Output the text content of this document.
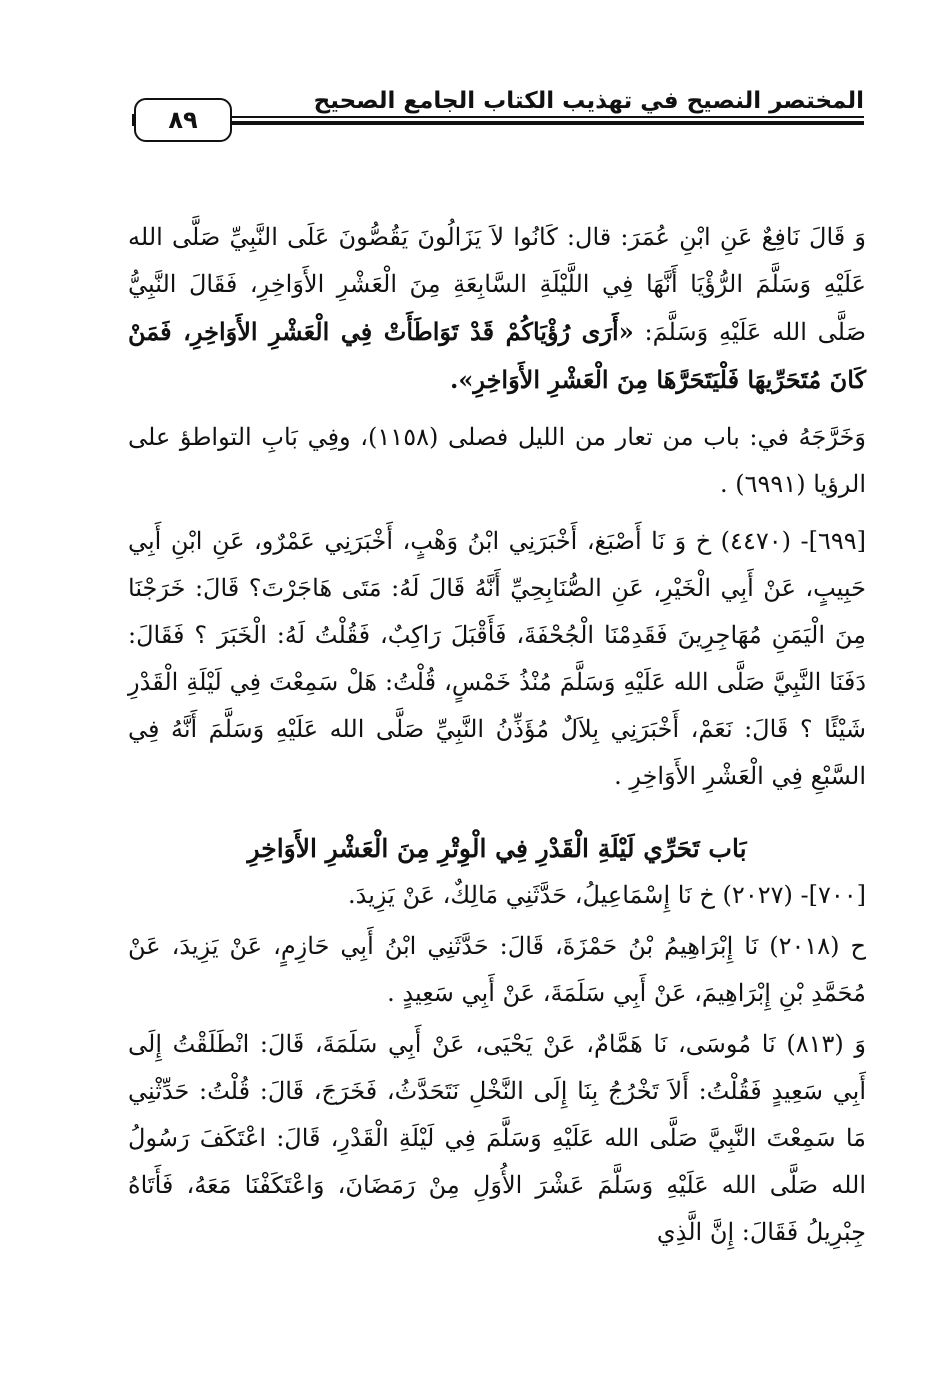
المختصر النصيح في تهذيب الكتاب الجامع الصحيح
٨٩

وَ قَالَ نَافِعٌ عَنِ ابْنِ عُمَرَ: قال: كَانُوا لاَ يَزَالُونَ يَقُصُّونَ عَلَى النَّبِيِّ صَلَّى الله عَلَيْهِ وَسَلَّمَ الرُّؤْيَا أَنَّهَا فِي اللَّيْلَةِ السَّابِعَةِ مِنَ الْعَشْرِ الأَوَاخِرِ، فَقَالَ النَّبِيُّ صَلَّى الله عَلَيْهِ وَسَلَّمَ: «أَرَى رُؤْيَاكُمْ قَدْ تَوَاطَأَتْ فِي الْعَشْرِ الأَوَاخِرِ، فَمَنْ كَانَ مُتَحَرِّيهَا فَلْيَتَحَرَّهَا مِنَ الْعَشْرِ الأَوَاخِرِ».

وَخَرَّجَهُ في: باب من تعار من الليل فصلى (١١٥٨)، وفِي بَابِ التواطؤ على الرؤيا (٦٩٩١) .

[٦٩٩]- (٤٤٧٠) خ وَ نَا أَصْبَغ، أَخْبَرَنِي ابْنُ وَهْبٍ، أَخْبَرَنِي عَمْرٌو، عَنِ ابْنِ أَبِي حَبِيبٍ، عَنْ أَبِي الْخَيْرِ، عَنِ الصُّنَابِحِيِّ أَنَّهُ قَالَ لَهُ: مَتَى هَاجَرْتَ؟ قَالَ: خَرَجْنَا مِنَ الْيَمَنِ مُهَاجِرِينَ فَقَدِمْنَا الْجُحْفَةَ، فَأَقْبَلَ رَاكِبٌ، فَقُلْتُ لَهُ: الْخَبَرَ ؟ فَقَالَ: دَفَنَا النَّبِيَّ صَلَّى الله عَلَيْهِ وَسَلَّمَ مُنْذُ خَمْسٍ، قُلْتُ: هَلْ سَمِعْتَ فِي لَيْلَةِ الْقَدْرِ شَيْئًا ؟ قَالَ: نَعَمْ، أَخْبَرَنِي بِلاَلٌ مُؤَذِّنُ النَّبِيِّ صَلَّى الله عَلَيْهِ وَسَلَّمَ أَنَّهُ فِي السَّبْعِ فِي الْعَشْرِ الأَوَاخِرِ .

بَاب تَحَرِّي لَيْلَةِ الْقَدْرِ فِي الْوِتْرِ مِنَ الْعَشْرِ الأَوَاخِرِ

[٧٠٠]- (٢٠٢٧) خ نَا إِسْمَاعِيلُ، حَدَّثَنِي مَالِكٌ، عَنْ يَزِيدَ.

ح (٢٠١٨) نَا إِبْرَاهِيمُ بْنُ حَمْزَةَ، قَالَ: حَدَّثَنِي ابْنُ أَبِي حَازِمٍ، عَنْ يَزِيدَ، عَنْ مُحَمَّدِ بْنِ إِبْرَاهِيمَ، عَنْ أَبِي سَلَمَةَ، عَنْ أَبِي سَعِيدٍ .

وَ (٨١٣) نَا مُوسَى، نَا هَمَّامٌ، عَنْ يَحْيَى، عَنْ أَبِي سَلَمَةَ، قَالَ: انْطَلَقْتُ إِلَى أَبِي سَعِيدٍ فَقُلْتُ: أَلاَ تَخْرُجُ بِنَا إِلَى النَّخْلِ نَتَحَدَّثُ، فَخَرَجَ، قَالَ: قُلْتُ: حَدِّثْنِي مَا سَمِعْتَ النَّبِيَّ صَلَّى الله عَلَيْهِ وَسَلَّمَ فِي لَيْلَةِ الْقَدْرِ، قَالَ: اعْتَكَفَ رَسُولُ الله صَلَّى الله عَلَيْهِ وَسَلَّمَ عَشْرَ الأُوَلِ مِنْ رَمَضَانَ، وَاعْتَكَفْنَا مَعَهُ، فَأَتَاهُ جِبْرِيلُ فَقَالَ: إِنَّ الَّذِي
